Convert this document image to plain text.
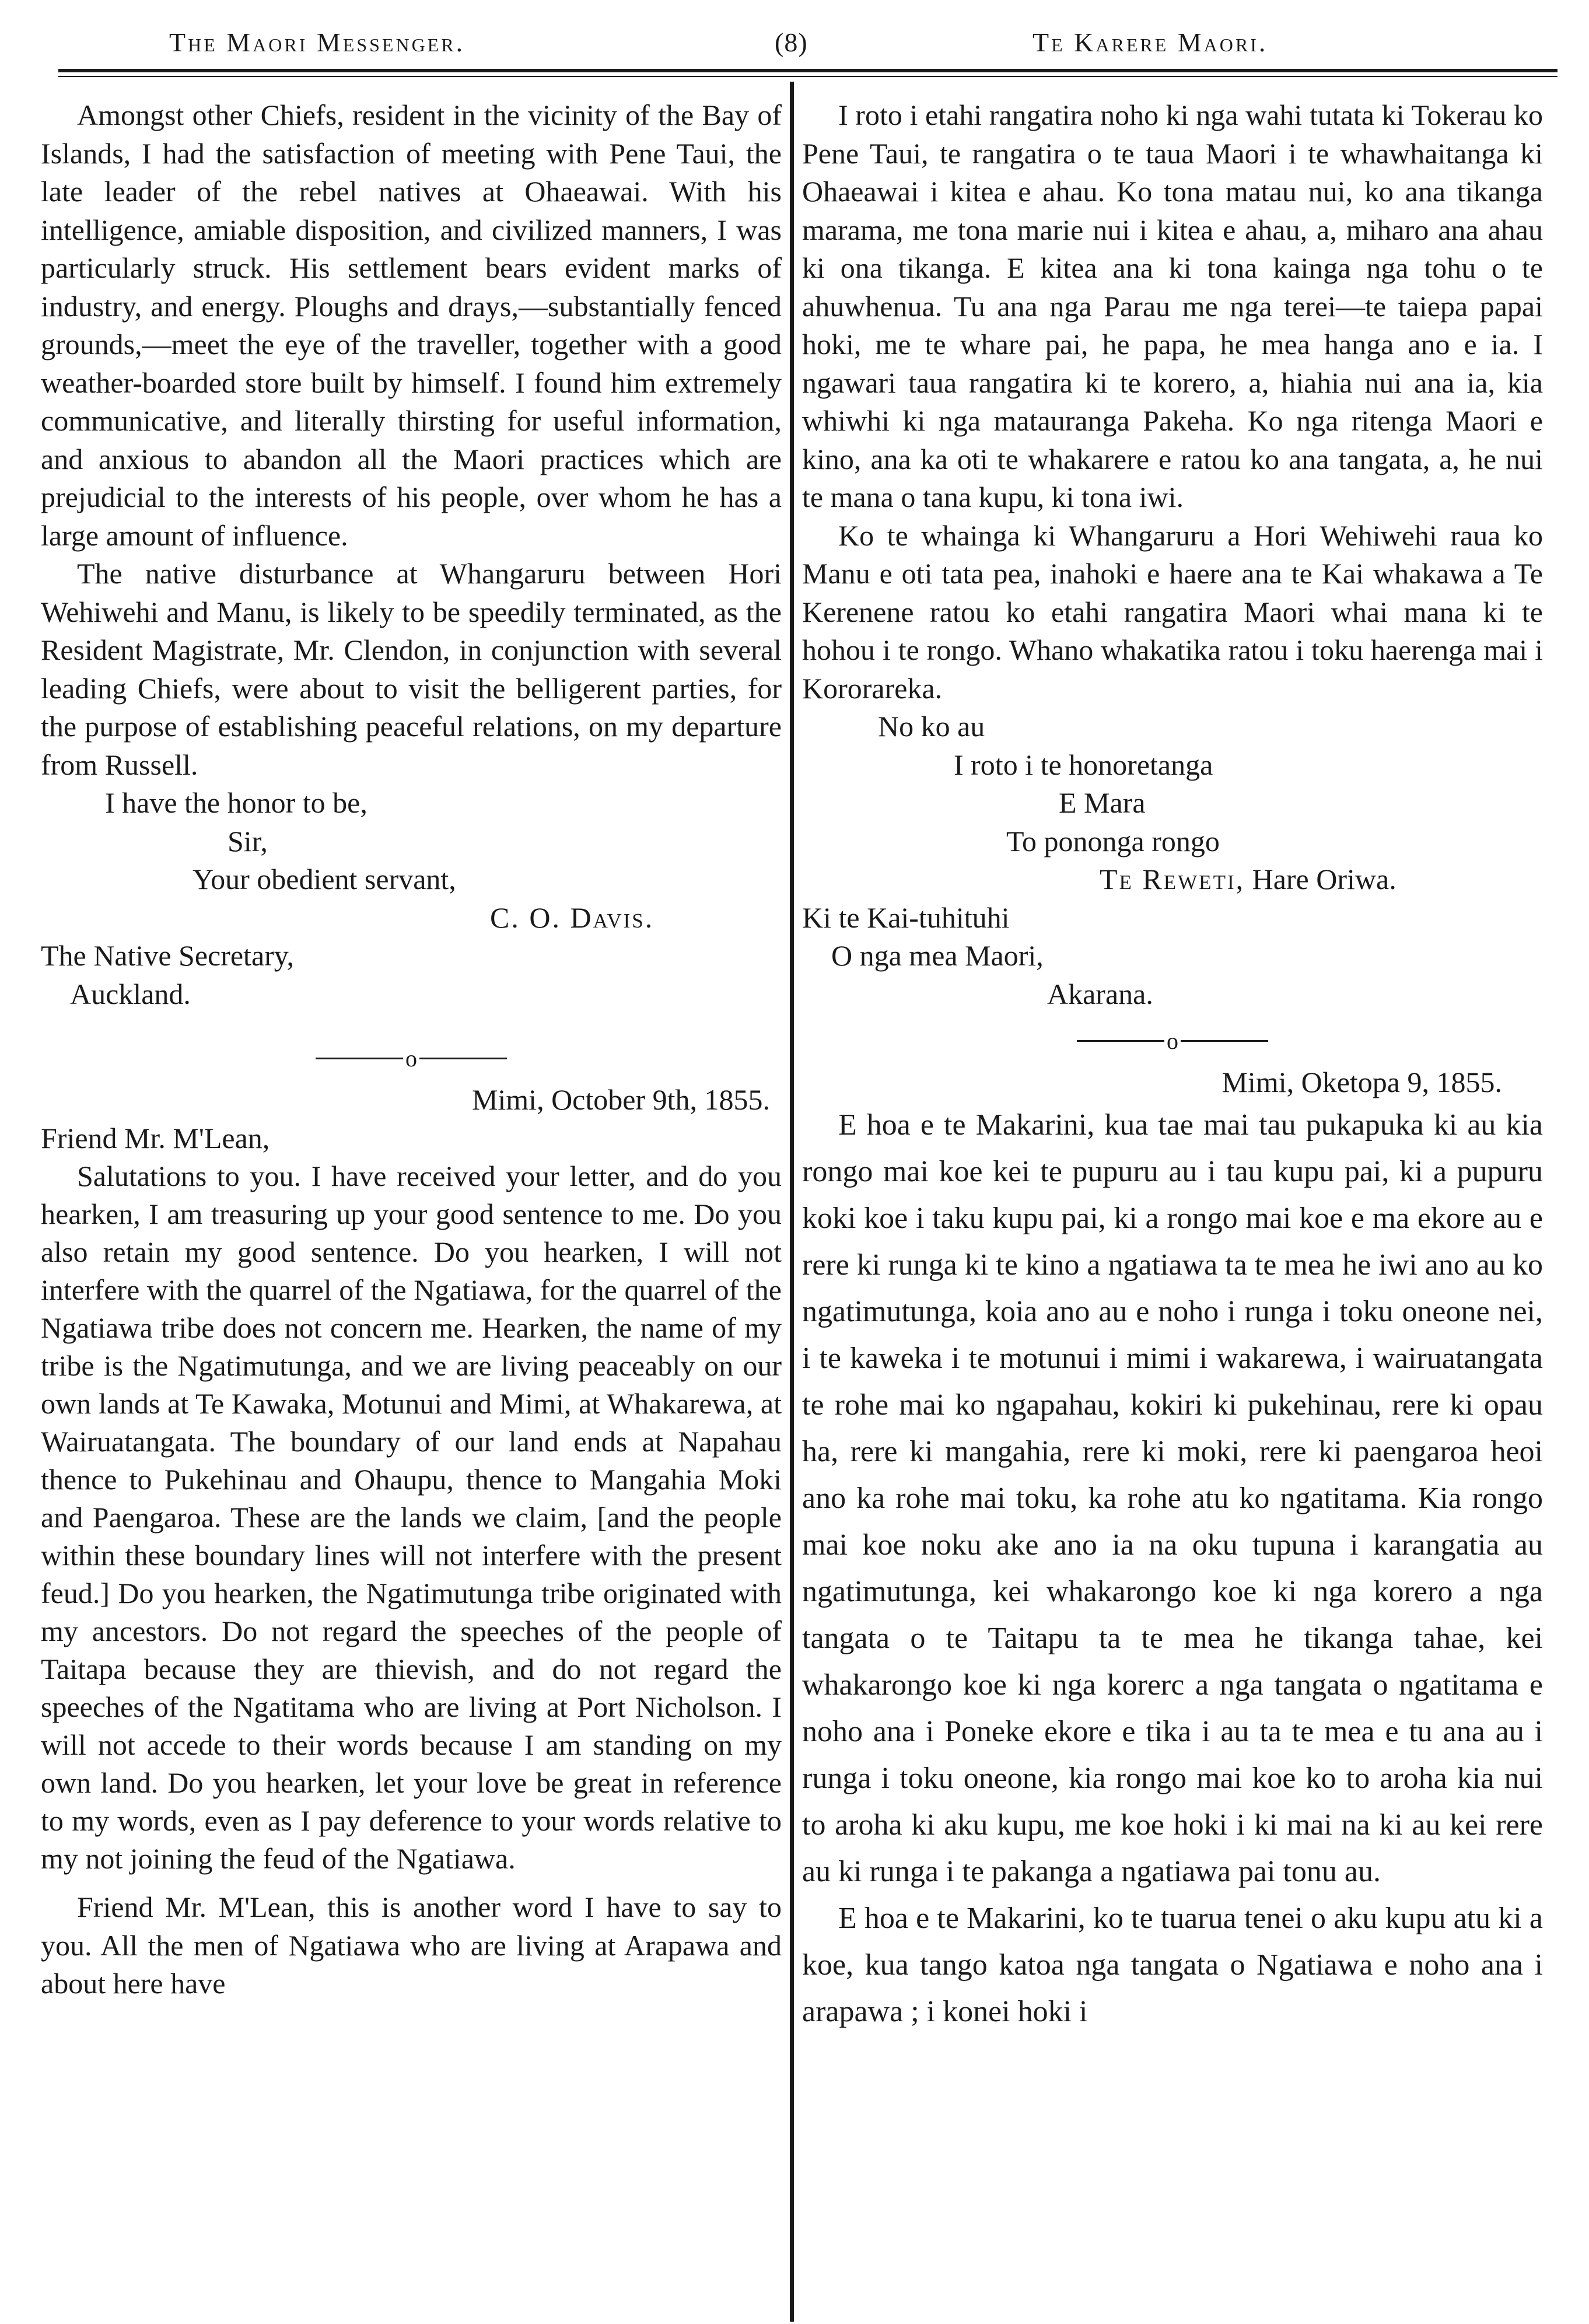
The Maori Messenger.	(8)	Te Karere Maori.

Amongst other Chiefs, resident in the vicinity of the Bay of Islands, I had the satisfaction of meeting with Pene Taui, the late leader of the rebel natives at Ohaeawai. With his intelligence, amiable disposition, and civilized manners, I was particularly struck. His settlement bears evident marks of industry, and energy. Ploughs and drays,—substantially fenced grounds,—meet the eye of the traveller, together with a good weather-boarded store built by himself. I found him extremely communicative, and literally thirsting for useful information, and anxious to abandon all the Maori practices which are prejudicial to the interests of his people, over whom he has a large amount of influence.

The native disturbance at Whangaruru between Hori Wehiwehi and Manu, is likely to be speedily terminated, as the Resident Magistrate, Mr. Clendon, in conjunction with several leading Chiefs, were about to visit the belligerent parties, for the purpose of establishing peaceful relations, on my departure from Russell.

I have the honor to be,
Sir,
Your obedient servant,
C. O. Davis.
The Native Secretary,
Auckland.
o
Mimi, October 9th, 1855.
Friend Mr. M'Lean,

Salutations to you. I have received your letter, and do you hearken, I am treasuring up your good sentence to me. Do you also retain my good sentence. Do you hearken, I will not interfere with the quarrel of the Ngatiawa, for the quarrel of the Ngatiawa tribe does not concern me. Hearken, the name of my tribe is the Ngatimutunga, and we are living peaceably on our own lands at Te Kawaka, Motunui and Mimi, at Whakarewa, at Wairuatangata. The boundary of our land ends at Napahau thence to Pukehinau and Ohaupu, thence to Mangahia Moki and Paengaroa. These are the lands we claim, [and the people within these boundary lines will not interfere with the present feud.] Do you hearken, the Ngatimutunga tribe originated with my ancestors. Do not regard the speeches of the people of Taitapa because they are thievish, and do not regard the speeches of the Ngatitama who are living at Port Nicholson. I will not accede to their words because I am standing on my own land. Do you hearken, let your love be great in reference to my words, even as I pay deference to your words relative to my not joining the feud of the Ngatiawa.

Friend Mr. M'Lean, this is another word I have to say to you. All the men of Ngatiawa who are living at Arapawa and about here have

I roto i etahi rangatira noho ki nga wahi tutata ki Tokerau ko Pene Taui, te rangatira o te taua Maori i te whawhaitanga ki Ohaeawai i kitea e ahau. Ko tona matau nui, ko ana tikanga marama, me tona marie nui i kitea e ahau, a, miharo ana ahau ki ona tikanga. E kitea ana ki tona kainga nga tohu o te ahuwhenua. Tu ana nga Parau me nga terei—te taiepa papai hoki, me te whare pai, he papa, he mea hanga ano e ia. I ngawari taua rangatira ki te korero, a, hiahia nui ana ia, kia whiwhi ki nga matauranga Pakeha. Ko nga ritenga Maori e kino, ana ka oti te whakarere e ratou ko ana tangata, a, he nui te mana o tana kupu, ki tona iwi.

Ko te whainga ki Whangaruru a Hori Wehiwehi raua ko Manu e oti tata pea, inahoki e haere ana te Kai whakawa a Te Kerenene ratou ko etahi rangatira Maori whai mana ki te hohou i te rongo. Whano whakatika ratou i toku haerenga mai i Kororareka.

No ko au
I roto i te honoretanga
E Mara
To pononga rongo
Te Reweti, Hare Oriwa.
Ki te Kai-tuhituhi
O nga mea Maori,
Akarana.
o
Mimi, Oketopa 9, 1855.

E hoa e te Makarini, kua tae mai tau pukapuka ki au kia rongo mai koe kei te pupuru au i tau kupu pai, ki a pupuru koki koe i taku kupu pai, ki a rongo mai koe e ma ekore au e rere ki runga ki te kino a ngatiawa ta te mea he iwi ano au ko ngatimutunga, koia ano au e noho i runga i toku oneone nei, i te kaweka i te motunui i mimi i wakarewa, i wairuatangata te rohe mai ko ngapahau, kokiri ki pukehinau, rere ki opau ha, rere ki mangahia, rere ki moki, rere ki paengaroa heoi ano ka rohe mai toku, ka rohe atu ko ngatitama. Kia rongo mai koe noku ake ano ia na oku tupuna i karangatia au ngatimutunga, kei whakarongo koe ki nga korero a nga tangata o te Taitapu ta te mea he tikanga tahae, kei whakarongo koe ki nga korerc a nga tangata o ngatitama e noho ana i Poneke ekore e tika i au ta te mea e tu ana au i runga i toku oneone, kia rongo mai koe ko to aroha kia nui to aroha ki aku kupu, me koe hoki i ki mai na ki au kei rere au ki runga i te pakanga a ngatiawa pai tonu au.

E hoa e te Makarini, ko te tuarua tenei o aku kupu atu ki a koe, kua tango katoa nga tangata o Ngatiawa e noho ana i arapawa ; i konei hoki i
